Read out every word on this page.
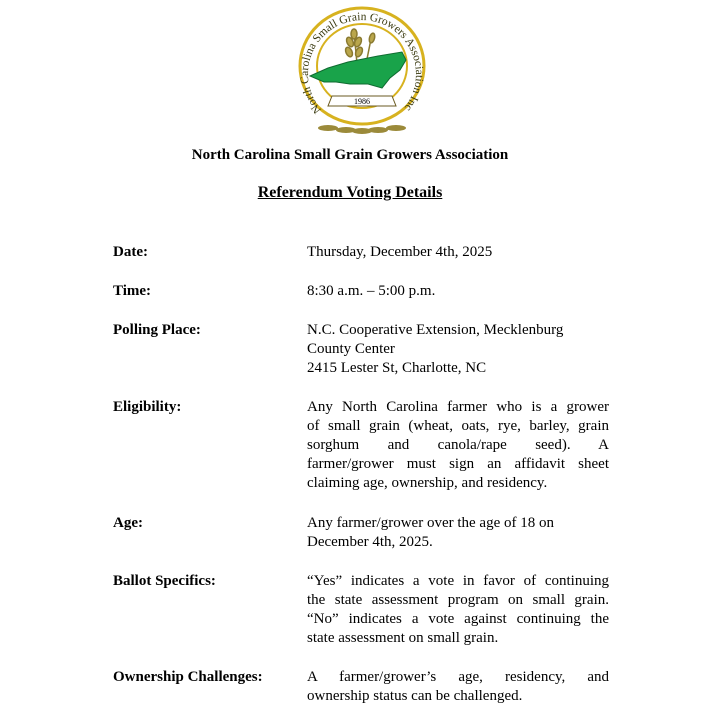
North Carolina Small Grain Growers Association Inc
1986
North Carolina Small Grain Growers Association
Referendum Voting Details
Date:	Thursday, December 4th, 2025
Time:	8:30 a.m. – 5:00 p.m.
Polling Place:	N.C. Cooperative Extension, Mecklenburg
County Center
2415 Lester St, Charlotte, NC
Eligibility:	Any North Carolina farmer who is a grower
of small grain (wheat, oats, rye, barley, grain
sorghum and canola/rape seed). A
farmer/grower must sign an affidavit sheet
claiming age, ownership, and residency.
Age:	Any farmer/grower over the age of 18 on
December 4th, 2025.
Ballot Specifics:	“Yes” indicates a vote in favor of continuing
the state assessment program on small grain.
“No” indicates a vote against continuing the
state assessment on small grain.
Ownership Challenges:	A farmer/grower’s age, residency, and
ownership status can be challenged.
